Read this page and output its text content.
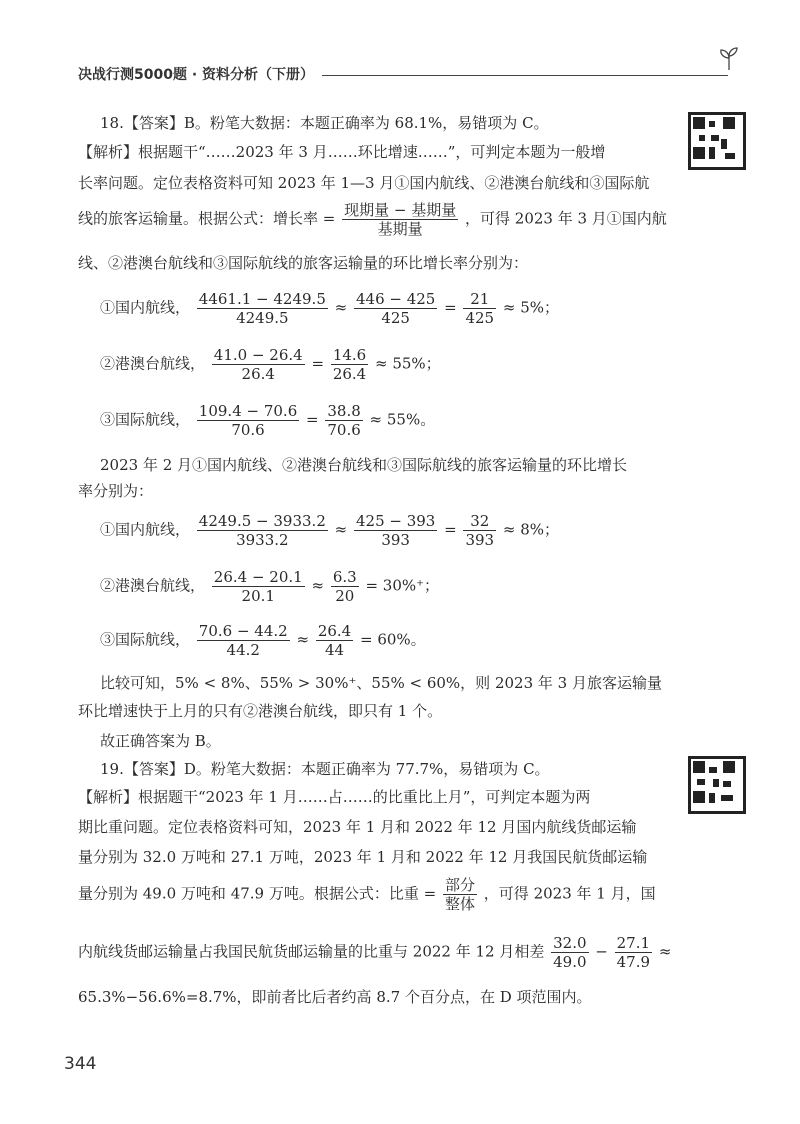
决战行测5000题 · 资料分析（下册）
18.【答案】B。粉笔大数据：本题正确率为 68.1%，易错项为 C。
【解析】根据题干“……2023 年 3 月……环比增速……”，可判定本题为一般增
长率问题。定位表格资料可知 2023 年 1—3 月①国内航线、②港澳台航线和③国际航
线的旅客运输量。根据公式：增长率 = $\frac{\text{现期量 − 基期量}}{\text{基期量}}$ ，可得 2023 年 3 月①国内航
线、②港澳台航线和③国际航线的旅客运输量的环比增长率分别为：
①国内航线， $\frac{4461.1 - 4249.5}{4249.5} \approx \frac{446 - 425}{425} = \frac{21}{425} \approx 5\%$；
②港澳台航线， $\frac{41.0 - 26.4}{26.4} = \frac{14.6}{26.4} \approx 55\%$；
③国际航线， $\frac{109.4 - 70.6}{70.6} = \frac{38.8}{70.6} \approx 55\%$。
2023 年 2 月①国内航线、②港澳台航线和③国际航线的旅客运输量的环比增长
率分别为：
①国内航线， $\frac{4249.5 - 3933.2}{3933.2} \approx \frac{425 - 393}{393} = \frac{32}{393} \approx 8\%$；
②港澳台航线， $\frac{26.4 - 20.1}{20.1} \approx \frac{6.3}{20} = 30\%^+$；
③国际航线， $\frac{70.6 - 44.2}{44.2} \approx \frac{26.4}{44} = 60\%$。
比较可知，5% < 8%、55% > 30%⁺、55% < 60%，则 2023 年 3 月旅客运输量
环比增速快于上月的只有②港澳台航线，即只有 1 个。
故正确答案为 B。
19.【答案】D。粉笔大数据：本题正确率为 77.7%，易错项为 C。
【解析】根据题干“2023 年 1 月……占……的比重比上月”，可判定本题为两
期比重问题。定位表格资料可知，2023 年 1 月和 2022 年 12 月国内航线货邮运输
量分别为 32.0 万吨和 27.1 万吨，2023 年 1 月和 2022 年 12 月我国民航货邮运输
量分别为 49.0 万吨和 47.9 万吨。根据公式：比重 = $\frac{\text{部分}}{\text{整体}}$ ，可得 2023 年 1 月，国
内航线货邮运输量占我国民航货邮运输量的比重与 2022 年 12 月相差 $\frac{32.0}{49.0} - \frac{27.1}{47.9}$ ≈
65.3%−56.6%=8.7%，即前者比后者约高 8.7 个百分点，在 D 项范围内。
344
